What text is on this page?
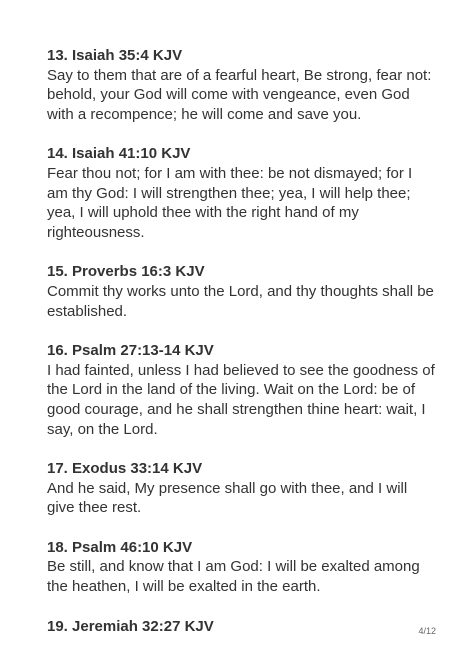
13. Isaiah 35:4 KJV

Say to them that are of a fearful heart, Be strong, fear not: behold, your God will come with vengeance, even God with a recompence; he will come and save you.

14. Isaiah 41:10 KJV

Fear thou not; for I am with thee: be not dismayed; for I am thy God: I will strengthen thee; yea, I will help thee; yea, I will uphold thee with the right hand of my righteousness.

15. Proverbs 16:3 KJV

Commit thy works unto the Lord, and thy thoughts shall be established.

16. Psalm 27:13-14 KJV

I had fainted, unless I had believed to see the goodness of the Lord in the land of the living. Wait on the Lord: be of good courage, and he shall strengthen thine heart: wait, I say, on the Lord.

17. Exodus 33:14 KJV

And he said, My presence shall go with thee, and I will give thee rest.

18. Psalm 46:10 KJV

Be still, and know that I am God: I will be exalted among the heathen, I will be exalted in the earth.

19. Jeremiah 32:27 KJV	4/12
